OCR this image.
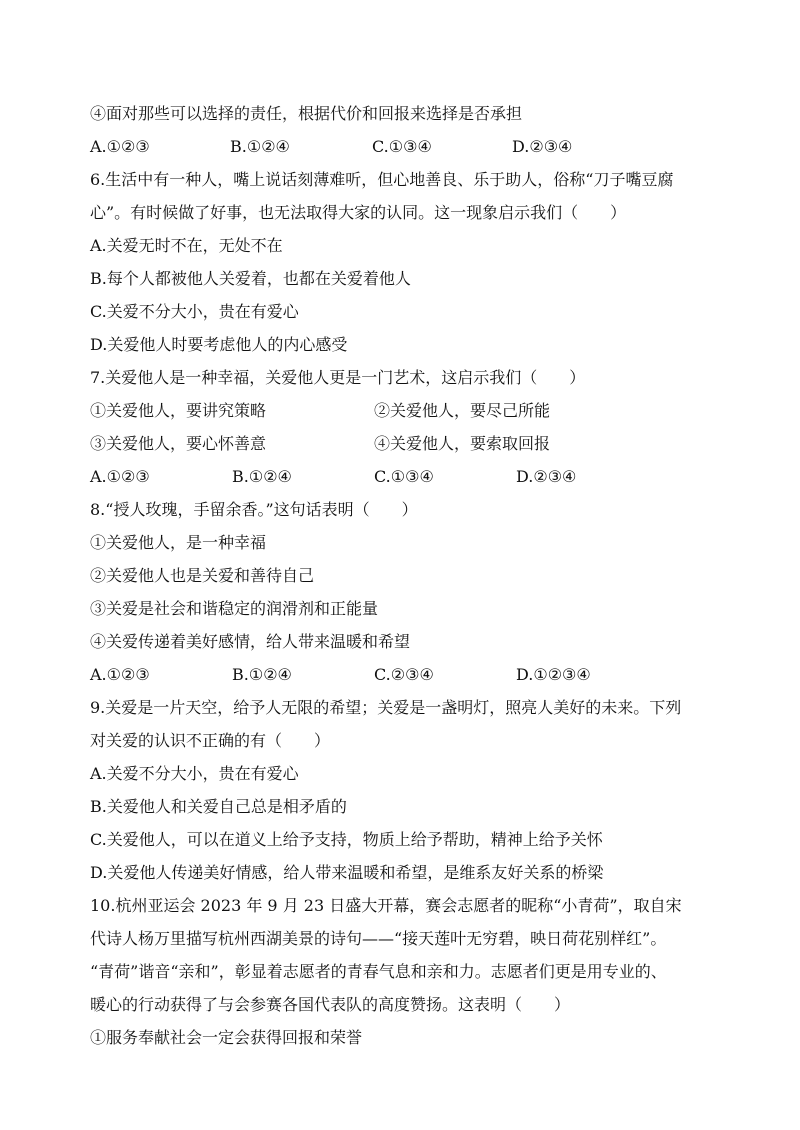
④面对那些可以选择的责任，根据代价和回报来选择是否承担
A.①②③	B.①②④	C.①③④	D.②③④
6.生活中有一种人，嘴上说话刻薄难听，但心地善良、乐于助人，俗称“刀子嘴豆腐
心”。有时候做了好事，也无法取得大家的认同。这一现象启示我们（　　）
A.关爱无时不在，无处不在
B.每个人都被他人关爱着，也都在关爱着他人
C.关爱不分大小，贵在有爱心
D.关爱他人时要考虑他人的内心感受
7.关爱他人是一种幸福，关爱他人更是一门艺术，这启示我们（　　）
①关爱他人，要讲究策略	②关爱他人，要尽己所能
③关爱他人，要心怀善意	④关爱他人，要索取回报
A.①②③	B.①②④	C.①③④	D.②③④
8.“授人玫瑰，手留余香。”这句话表明（　　）
①关爱他人，是一种幸福
②关爱他人也是关爱和善待自己
③关爱是社会和谐稳定的润滑剂和正能量
④关爱传递着美好感情，给人带来温暖和希望
A.①②③	B.①②④	C.②③④	D.①②③④
9.关爱是一片天空，给予人无限的希望；关爱是一盏明灯，照亮人美好的未来。下列
对关爱的认识不正确的有（　　）
A.关爱不分大小，贵在有爱心
B.关爱他人和关爱自己总是相矛盾的
C.关爱他人，可以在道义上给予支持，物质上给予帮助，精神上给予关怀
D.关爱他人传递美好情感，给人带来温暖和希望，是维系友好关系的桥梁
10.杭州亚运会 2023 年 9 月 23 日盛大开幕，赛会志愿者的昵称“小青荷”，取自宋
代诗人杨万里描写杭州西湖美景的诗句——“接天莲叶无穷碧，映日荷花别样红”。
“青荷”谐音“亲和”，彰显着志愿者的青春气息和亲和力。志愿者们更是用专业的、
暖心的行动获得了与会参赛各国代表队的高度赞扬。这表明（　　）
①服务奉献社会一定会获得回报和荣誉
